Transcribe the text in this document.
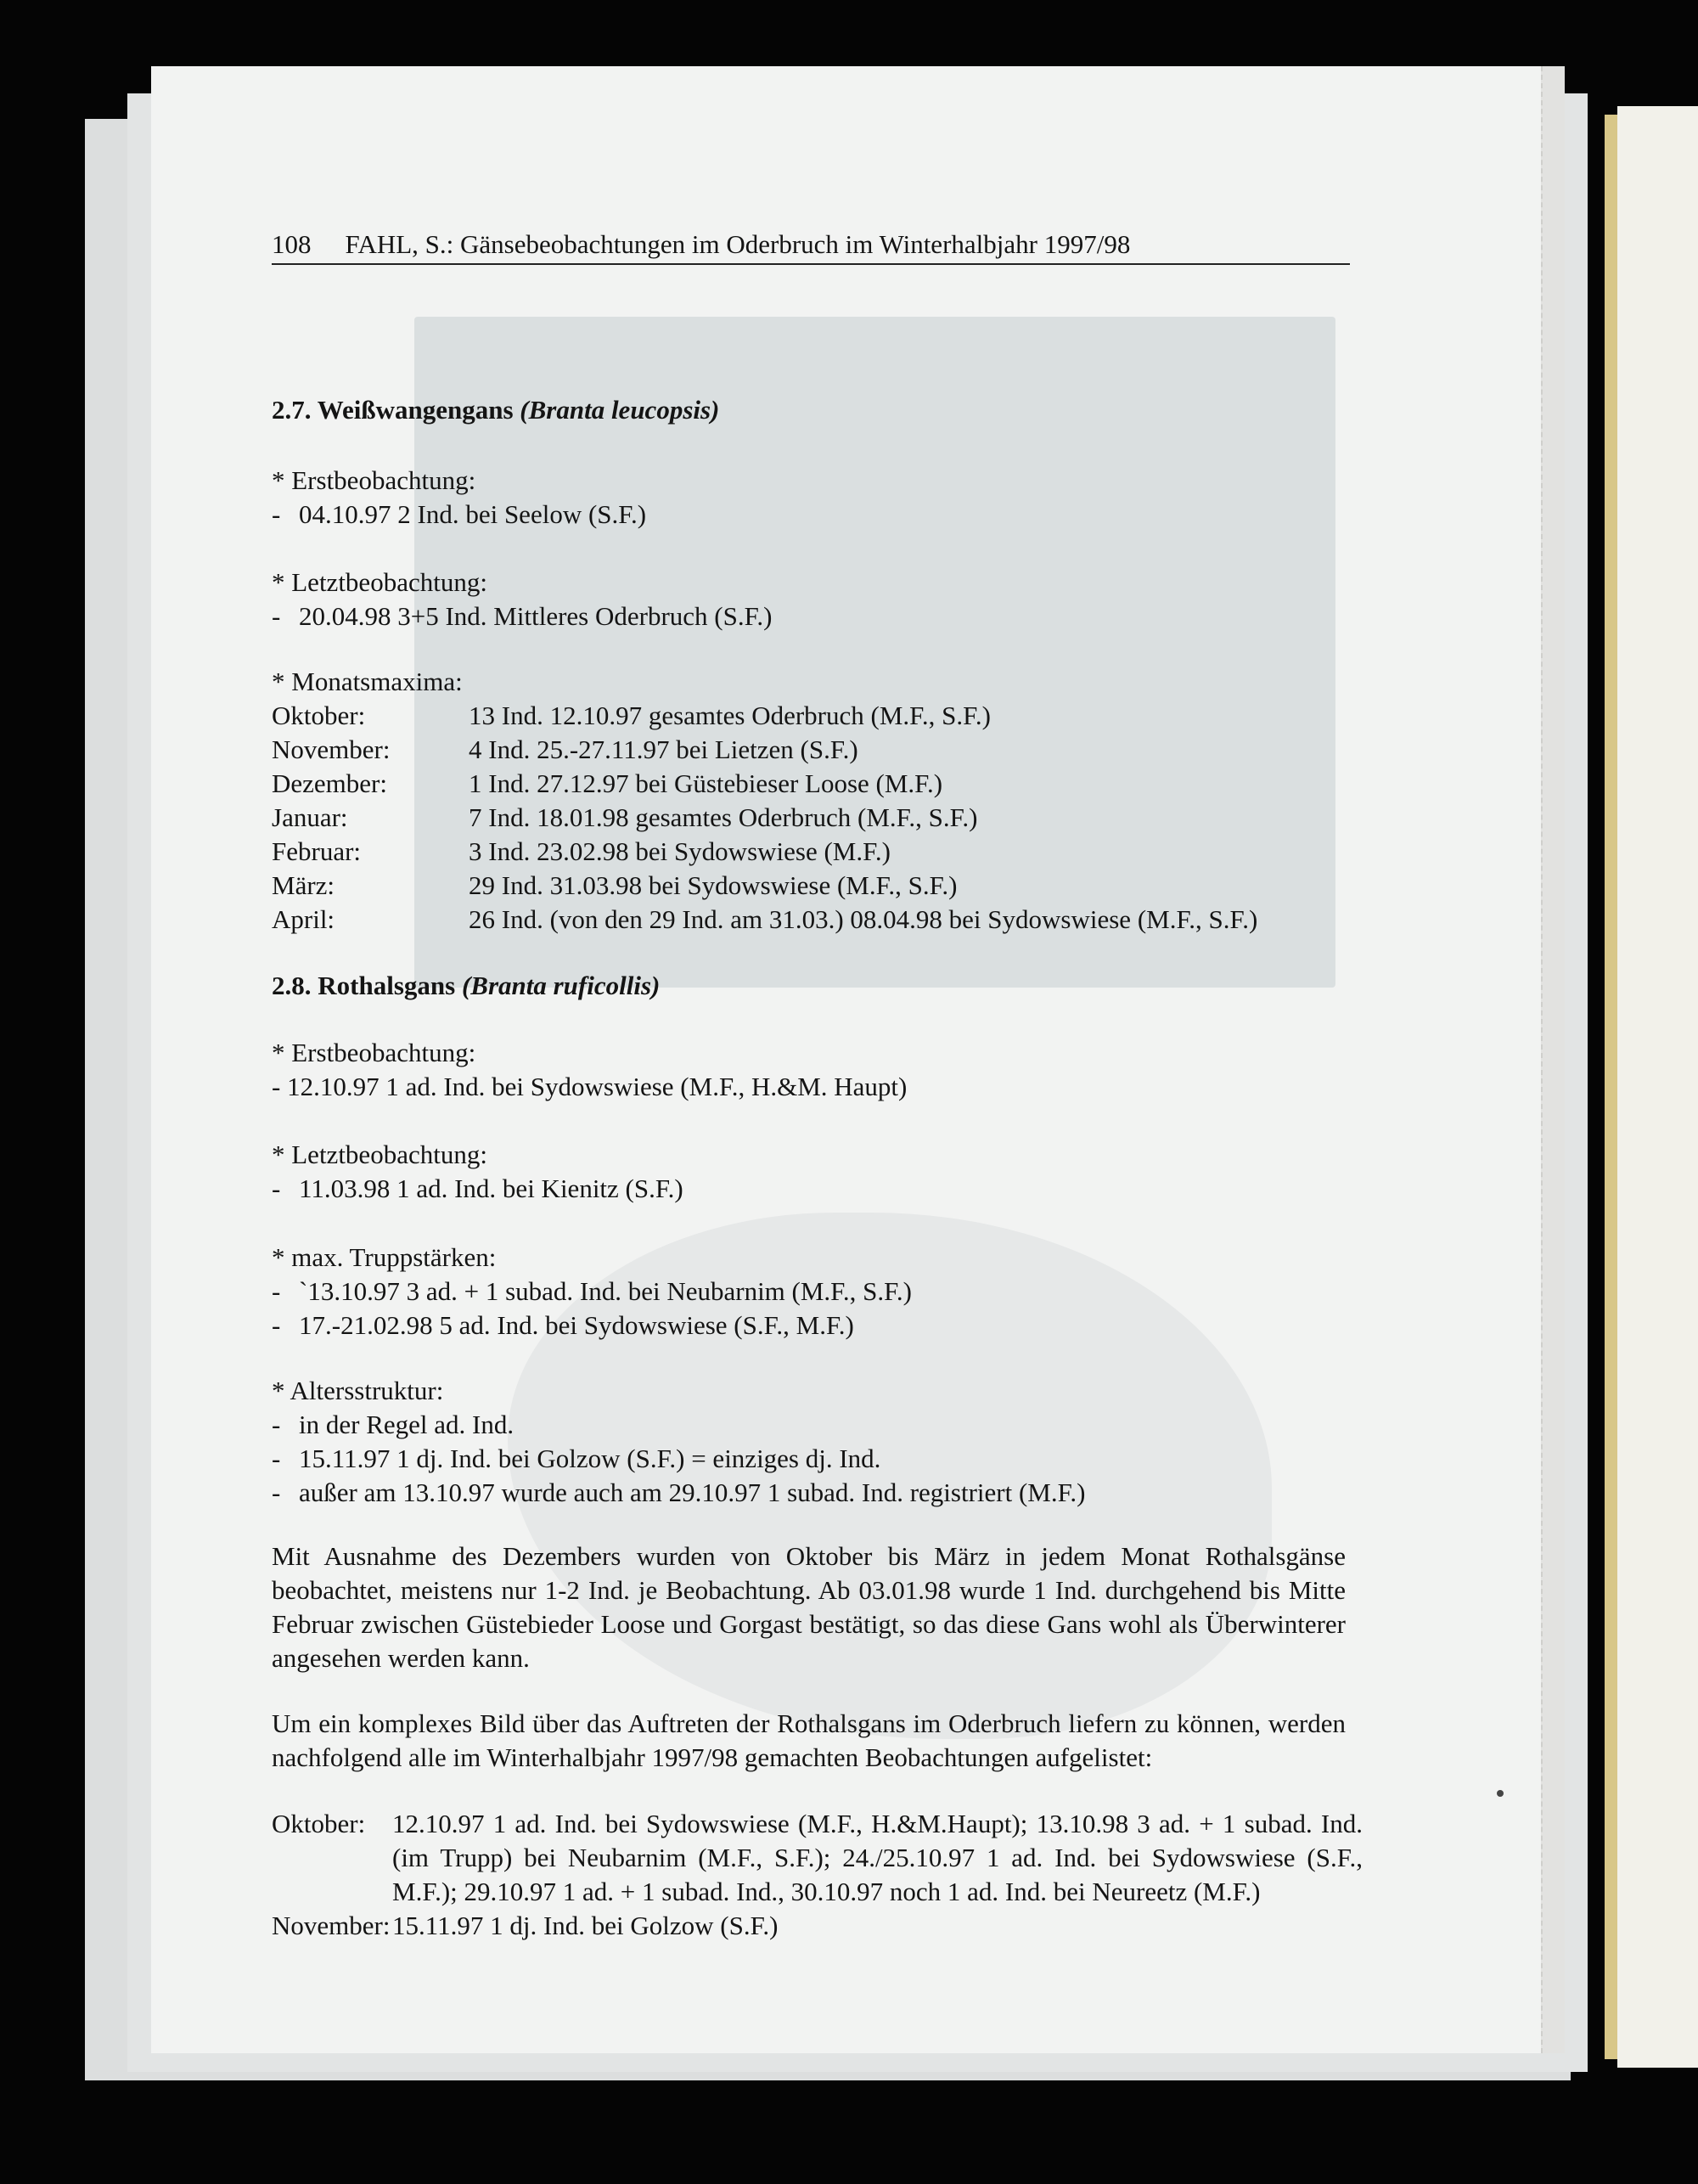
108 FAHL, S.: Gänsebeobachtungen im Oderbruch im Winterhalbjahr 1997/98
2.7. Weißwangengans (Branta leucopsis)
* Erstbeobachtung:
- 04.10.97 2 Ind. bei Seelow (S.F.)
* Letztbeobachtung:
- 20.04.98 3+5 Ind. Mittleres Oderbruch (S.F.)
* Monatsmaxima:
Oktober:	13 Ind. 12.10.97 gesamtes Oderbruch (M.F., S.F.)
November:	4 Ind. 25.-27.11.97 bei Lietzen (S.F.)
Dezember:	1 Ind. 27.12.97 bei Güstebieser Loose (M.F.)
Januar:	7 Ind. 18.01.98 gesamtes Oderbruch (M.F., S.F.)
Februar:	3 Ind. 23.02.98 bei Sydowswiese (M.F.)
März:	29 Ind. 31.03.98 bei Sydowswiese (M.F., S.F.)
April:	26 Ind. (von den 29 Ind. am 31.03.) 08.04.98 bei Sydowswiese (M.F., S.F.)
2.8. Rothalsgans (Branta ruficollis)
* Erstbeobachtung:
- 12.10.97 1 ad. Ind. bei Sydowswiese (M.F., H.&M. Haupt)
* Letztbeobachtung:
- 11.03.98 1 ad. Ind. bei Kienitz (S.F.)
* max. Truppstärken:
- `13.10.97 3 ad. + 1 subad. Ind. bei Neubarnim (M.F., S.F.)
- 17.-21.02.98 5 ad. Ind. bei Sydowswiese (S.F., M.F.)
* Altersstruktur:
- in der Regel ad. Ind.
- 15.11.97 1 dj. Ind. bei Golzow (S.F.) = einziges dj. Ind.
- außer am 13.10.97 wurde auch am 29.10.97 1 subad. Ind. registriert (M.F.)
Mit Ausnahme des Dezembers wurden von Oktober bis März in jedem Monat Rothalsgänse beobachtet, meistens nur 1-2 Ind. je Beobachtung. Ab 03.01.98 wurde 1 Ind. durchgehend bis Mitte Februar zwischen Güstebieder Loose und Gorgast bestätigt, so das diese Gans wohl als Überwinterer angesehen werden kann.
Um ein komplexes Bild über das Auftreten der Rothalsgans im Oderbruch liefern zu können, werden nachfolgend alle im Winterhalbjahr 1997/98 gemachten Beobachtungen aufgelistet:
Oktober:	12.10.97 1 ad. Ind. bei Sydowswiese (M.F., H.&M.Haupt); 13.10.98 3 ad. + 1 subad. Ind. (im Trupp) bei Neubarnim (M.F., S.F.); 24./25.10.97 1 ad. Ind. bei Sydowswiese (S.F., M.F.); 29.10.97 1 ad. + 1 subad. Ind., 30.10.97 noch 1 ad. Ind. bei Neureetz (M.F.)
November: 15.11.97 1 dj. Ind. bei Golzow (S.F.)
